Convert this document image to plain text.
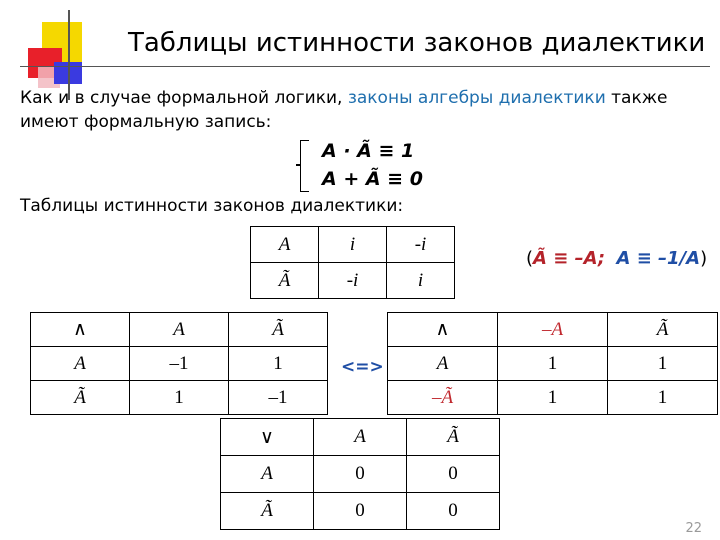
Таблицы истинности законов диалектики
Как и в случае формальной логики, законы алгебры диалектики также имеют формальную запись:
A · Ã ≡ 1
A + Ã ≡ 0
Таблицы истинности законов диалектики:
A	i	-i
Ã	-i	i
(Ã ≡ –A; A ≡ –1/A)
∧	A	Ã
A	–1	1
Ã	1	–1
<=>
∧	–A	Ã
A	1	1
–Ã	1	1
∨	A	Ã
A	0	0
Ã	0	0
22
